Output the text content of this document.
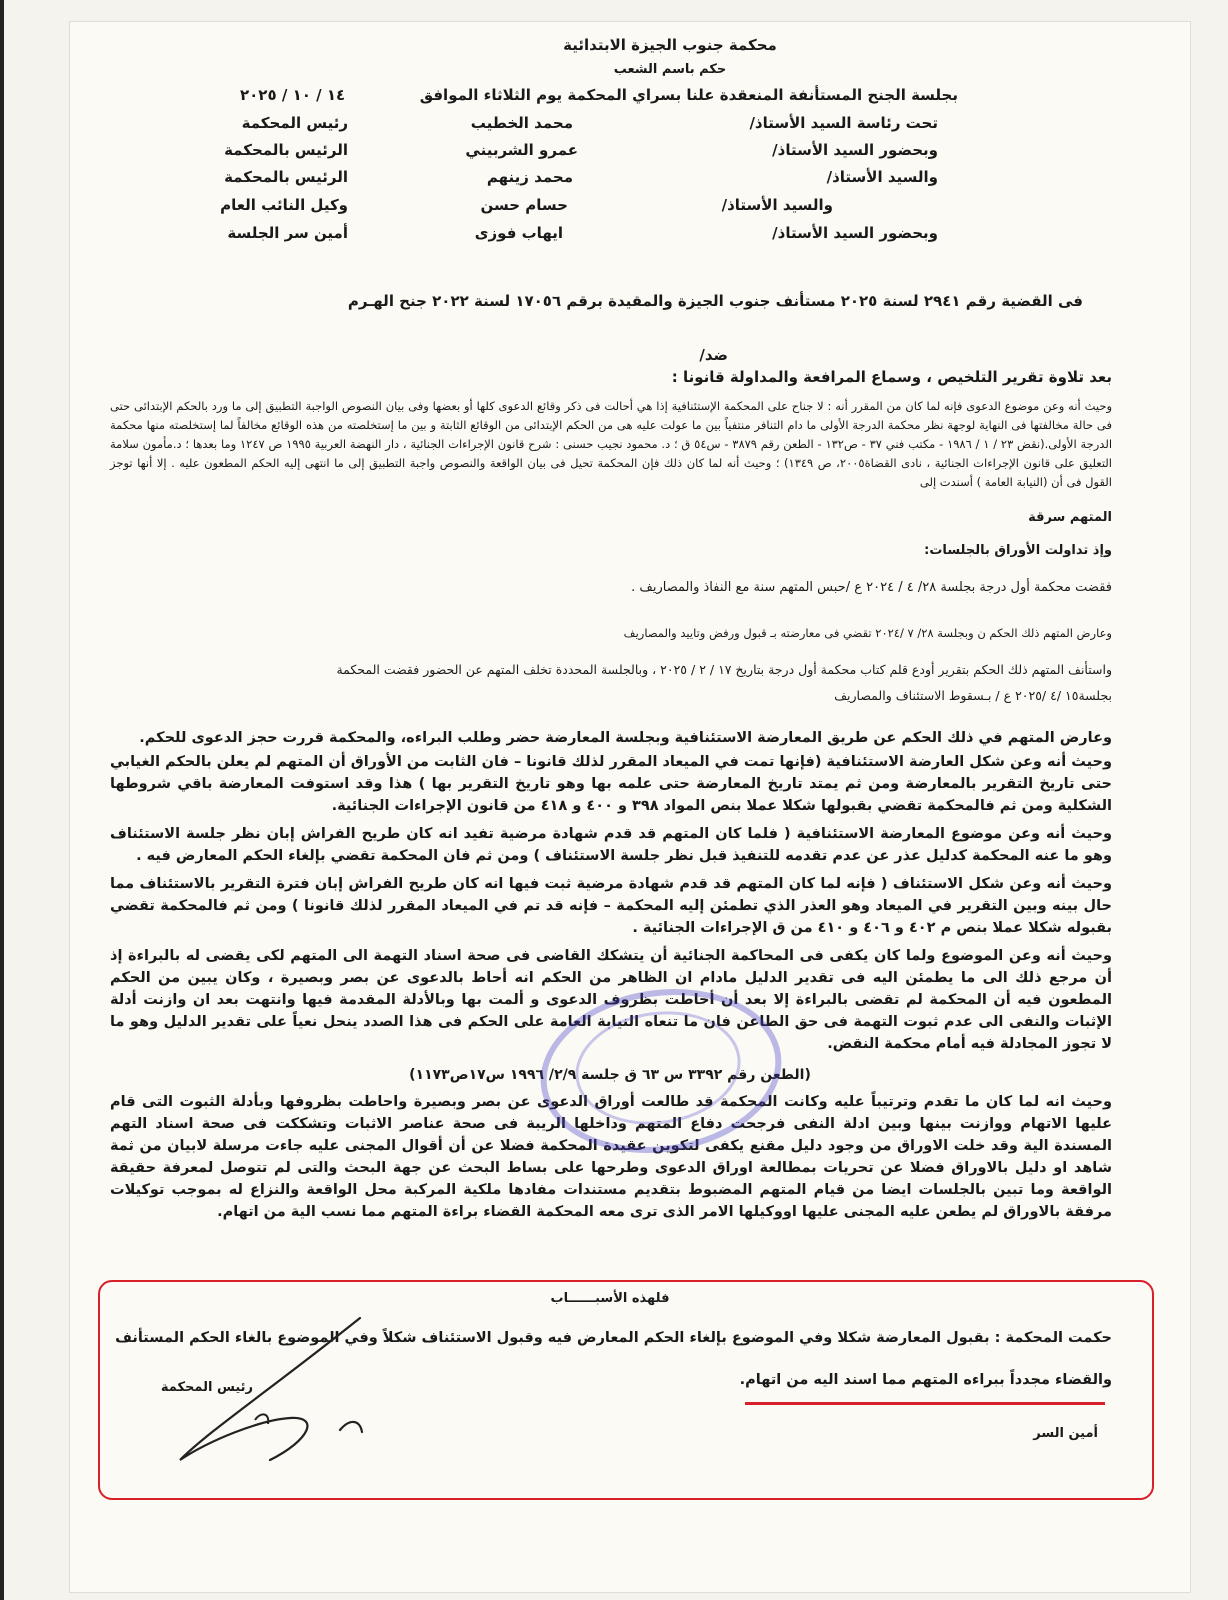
محكمة جنوب الجيزة الابتدائية
حكم باسم الشعب
بجلسة الجنح المستأنفة المنعقدة علنا بسراي المحكمة يوم الثلاثاء الموافق
١٤ / ١٠ / ٢٠٢٥
تحت رئاسة السيد الأستاذ/
محمد الخطيب
رئيس المحكمة
وبحضور السيد الأستاذ/
عمرو الشربيني
الرئيس بالمحكمة
والسيد الأستاذ/
محمد زينهم
الرئيس بالمحكمة
والسيد الأستاذ/
حسام حسن
وكيل النائب العام
وبحضور السيد الأستاذ/
ايهاب فوزى
أمين سر الجلسة
فى القضية رقم ٢٩٤١ لسنة ٢٠٢٥ مستأنف جنوب الجيزة والمقيدة برقم ١٧٠٥٦ لسنة ٢٠٢٢ جنح الهـرم
ضد/
بعد تلاوة تقرير التلخيص ، وسماع المرافعة والمداولة قانونا :
وحيث أنه وعن موضوع الدعوى فإنه لما كان من المقرر أنه : لا جناح على المحكمة الإستئنافية إذا هي أحالت فى ذكر وقائع الدعوى كلها أو بعضها وفى بيان النصوص الواجبة التطبيق إلى ما ورد بالحكم الإبتدائى حتى فى حالة مخالفتها فى النهاية لوجهة نظر محكمة الدرجة الأولى ما دام التنافر منتفياً بين ما عولت عليه هى من الحكم الإبتدائى من الوقائع الثابتة و بين ما إستخلصته من هذه الوقائع مخالفاً لما إستخلصته منها محكمة الدرجة الأولى.(نقض ٢٣ / ١ / ١٩٨٦ - مكتب فني ٣٧ - ص١٣٢ - الطعن رقم ٣٨٧٩ - س٥٤ ق ؛ د. محمود نجيب حسنى : شرح قانون الإجراءات الجنائية ، دار النهضة العربية ١٩٩٥ ص ١٢٤٧ وما بعدها ؛ د.مأمون سلامة التعليق على قانون الإجراءات الجنائية ، نادى القضاة٢٠٠٥، ص ١٣٤٩) ؛ وحيث أنه لما كان ذلك فإن المحكمة تحيل فى بيان الواقعة والنصوص واجبة التطبيق إلى ما انتهى إليه الحكم المطعون عليه . إلا أنها توجز القول فى أن (النيابة العامة ) أسندت إلى
المتهم سرقة
وإذ تداولت الأوراق بالجلسات:
فقضت محكمة أول درجة بجلسة ٢٨/ ٤ / ٢٠٢٤ ع /حبس المتهم سنة مع النفاذ والمصاريف .
وعارض المتهم ذلك الحكم ن وبجلسة ٢٨/ ٧ /٢٠٢٤ تقضي فى معارضته بـ قبول ورفض وتاييد والمصاريف
واستأنف المتهم ذلك الحكم بتقرير أودع قلم كتاب محكمة أول درجة بتاريخ ١٧ / ٢ / ٢٠٢٥ ، وبالجلسة المحددة تخلف المتهم عن الحضور فقضت المحكمة
بجلسة١٥ /٤ /٢٠٢٥ ع / بـسقوط الاستئناف والمصاريف
وعارض المتهم في ذلك الحكم عن طريق المعارضة الاستئنافية وبجلسة المعارضة حضر وطلب البراءه، والمحكمة قررت حجز الدعوى للحكم.
وحيث أنه وعن شكل العارضة الاستئنافية (فإنها تمت في الميعاد المقرر لذلك قانونا – فان الثابت من الأوراق أن المتهم لم يعلن بالحكم الغيابي حتى تاريخ التقرير بالمعارضة ومن ثم يمتد تاريخ المعارضة حتى علمه بها وهو تاريخ التقرير بها ) هذا وقد استوفت المعارضة باقي شروطها الشكلية ومن ثم فالمحكمة تقضي بقبولها شكلا عملا بنص المواد ٣٩٨ و ٤٠٠ و ٤١٨ من قانون الإجراءات الجنائية.
وحيث أنه وعن موضوع المعارضة الاستئنافية ( فلما كان المتهم قد قدم شهادة مرضية تفيد انه كان طريح الفراش إبان نظر جلسة الاستئناف وهو ما عنه المحكمة كدليل عذر عن عدم تقدمه للتنفيذ قبل نظر جلسة الاستئناف ) ومن ثم فان المحكمة تقضي بإلغاء الحكم المعارض فيه .
وحيث أنه وعن شكل الاستئناف ( فإنه لما كان المتهم قد قدم شهادة مرضية ثبت فيها انه كان طريح الفراش إبان فترة التقرير بالاستئناف مما حال بينه وبين التقرير في الميعاد وهو العذر الذي تطمئن إليه المحكمة – فإنه قد تم في الميعاد المقرر لذلك قانونا ) ومن ثم فالمحكمة تقضي بقبوله شكلا عملا بنص م ٤٠٢ و ٤٠٦ و ٤١٠ من ق الإجراءات الجنائية .
وحيث أنه وعن الموضوع ولما كان يكفى فى المحاكمة الجنائية أن يتشكك القاضى فى صحة اسناد التهمة الى المتهم لكى يقضى له بالبراءة إذ أن مرجع ذلك الى ما يطمئن اليه فى تقدير الدليل مادام ان الظاهر من الحكم انه أحاط بالدعوى عن بصر وبصيرة ، وكان يبين من الحكم المطعون فيه أن المحكمة لم تقضى بالبراءة إلا بعد أن أحاطت بظروف الدعوى و ألمت بها وبالأدلة المقدمة فيها وانتهت بعد ان وازنت أدلة الإثبات والنفى الى عدم ثبوت التهمة فى حق الطاعن فان ما تنعاه النيابة العامة على الحكم فى هذا الصدد ينحل نعياً على تقدير الدليل وهو ما لا تجوز المجادلة فيه أمام محكمة النقض.
(الطعن رقم ٣٣٩٢ س ٦٣ ق جلسة ٢/٩/ ١٩٩٦ س١٧ص١١٧٣)
وحيث انه لما كان ما تقدم وترتيباً عليه وكانت المحكمة قد طالعت أوراق الدعوى عن بصر وبصيرة واحاطت بظروفها وبأدلة الثبوت التى قام عليها الاتهام ووازنت بينها وبين ادلة النفى فرجحت دفاع المتهم وداخلها الريبة فى صحة عناصر الاثبات وتشككت فى صحة اسناد التهم المسندة الية وقد خلت الاوراق من وجود دليل مقنع يكفى لتكوين عقيدة المحكمة فضلا عن أن أقوال المجنى عليه جاءت مرسلة لابيان من ثمة شاهد او دليل بالاوراق فضلا عن تحريات بمطالعة اوراق الدعوى وطرحها على بساط البحث عن جهة البحث والتى لم تتوصل لمعرفة حقيقة الواقعة وما تبين بالجلسات ايضا من قيام المتهم المضبوط بتقديم مستندات مفادها ملكية المركبة محل الواقعة والنزاع له بموجب توكيلات مرفقة بالاوراق لم يطعن عليه المجنى عليها اووكيلها الامر الذى ترى معه المحكمة القضاء براءة المتهم مما نسب الية من اتهام.
فلهذه الأسبــــــاب
حكمت المحكمة : بقبول المعارضة شكلا وفي الموضوع بإلغاء الحكم المعارض فيه وقبول الاستئناف شكلاً وفي الموضوع بالغاء الحكم المستأنف
والقضاء مجدداً ببراءه المتهم مما اسند اليه من اتهام.
رئيس المحكمة
أمين السر
